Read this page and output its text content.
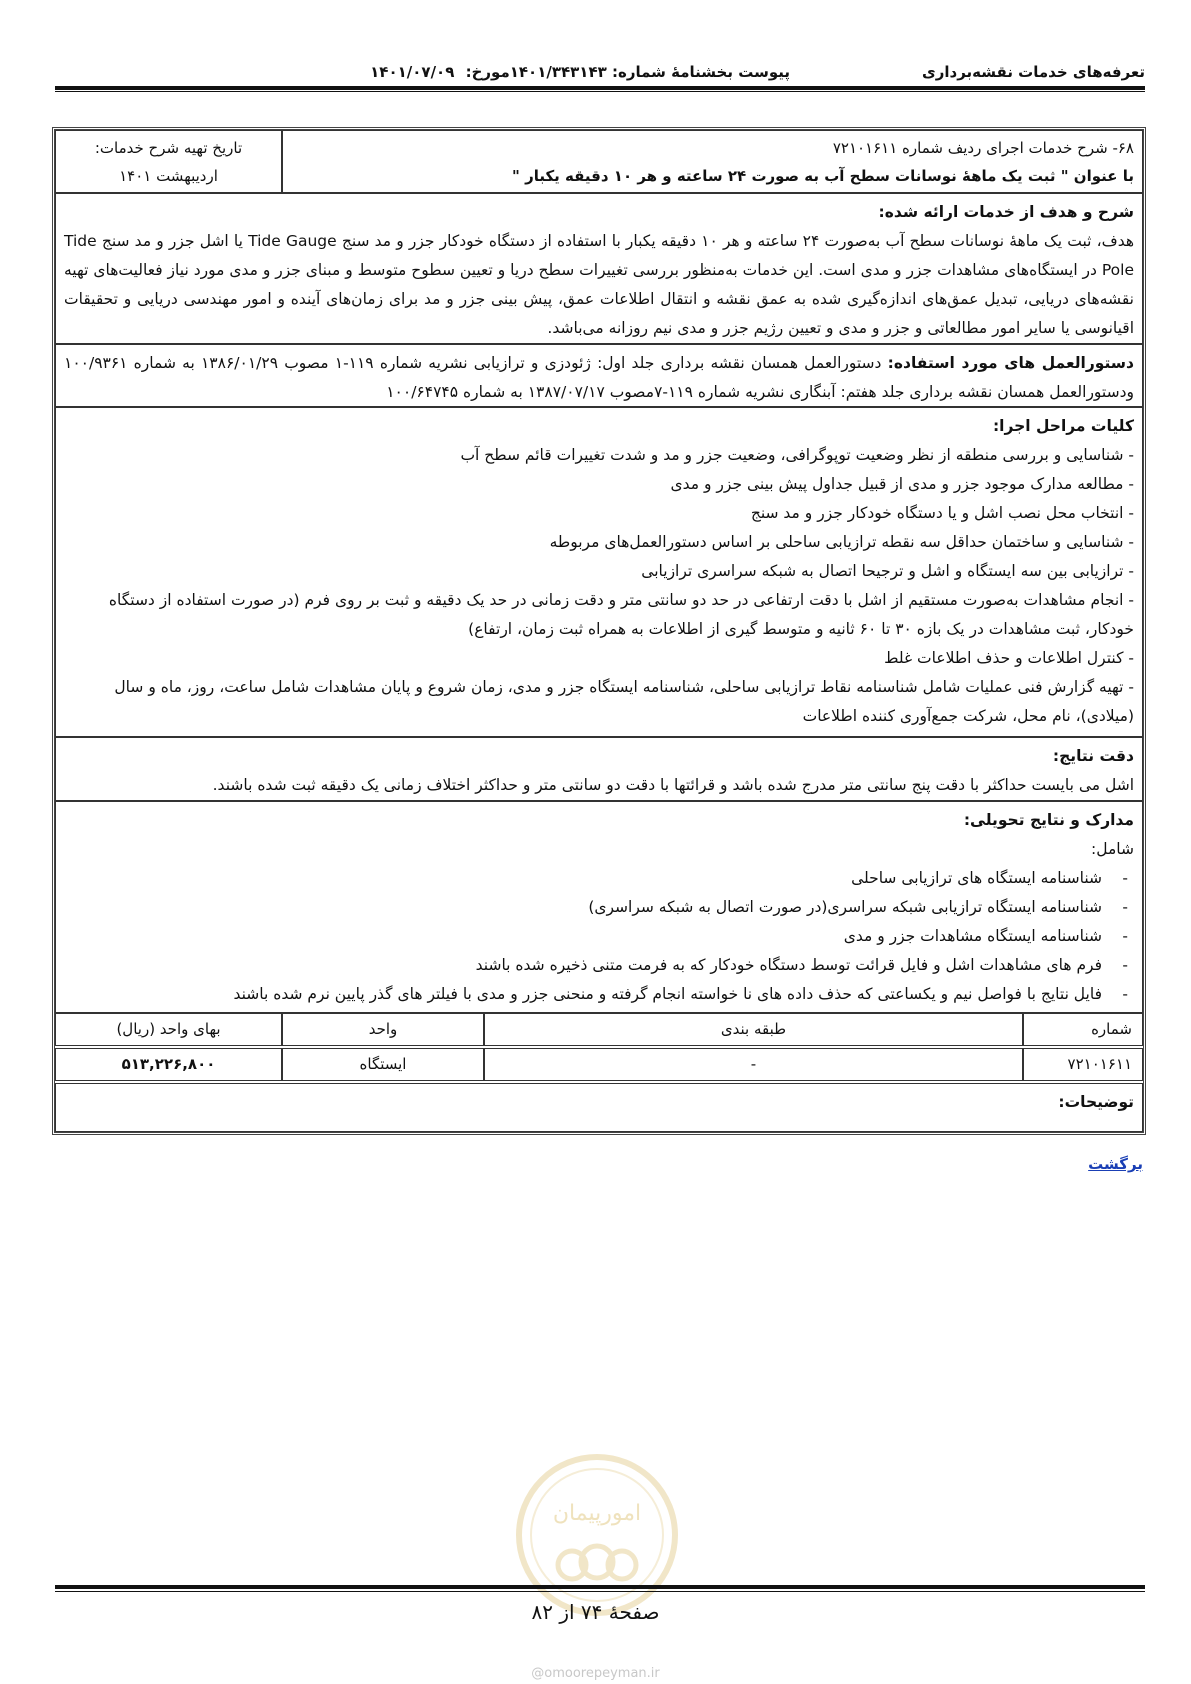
تعرفه‌های خدمات نقشه‌برداری
پیوست بخشنامهٔ شماره: ۱۴۰۱/۳۴۳۱۴۳مورخ: ۱۴۰۱/۰۷/۰۹
۶۸- شرح خدمات اجرای ردیف شماره ۷۲۱۰۱۶۱۱
با عنوان " ثبت یک ماههٔ نوسانات سطح آب به صورت ۲۴ ساعته و هر ۱۰ دقیقه یکبار "
تاریخ تهیه شرح خدمات:
اردیبهشت ۱۴۰۱
شرح و هدف از خدمات ارائه شده:

هدف، ثبت یک ماههٔ نوسانات سطح آب به‌صورت ۲۴ ساعته و هر ۱۰ دقیقه یکبار با استفاده از دستگاه خودکار جزر و مد سنج Tide Gauge یا اشل جزر و مد سنج Tide Pole در ایستگاه‌های مشاهدات جزر و مدی است. این خدمات به‌منظور بررسی تغییرات سطح دریا و تعیین سطوح متوسط و مبنای جزر و مدی مورد نیاز فعالیت‌های تهیه نقشه‌های دریایی، تبدیل عمق‌های اندازه‌گیری شده به عمق نقشه و انتقال اطلاعات عمق، پیش بینی جزر و مد برای زمان‌های آینده و امور مهندسی دریایی و تحقیقات اقیانوسی یا سایر امور مطالعاتی و جزر و مدی و تعیین رژیم جزر و مدی نیم روزانه می‌باشد.

دستورالعمل های مورد استفاده: دستورالعمل همسان نقشه برداری جلد اول: ژئودزی و ترازیابی نشریه شماره ۱۱۹-۱ مصوب ۱۳۸۶/۰۱/۲۹ به شماره ۱۰۰/۹۳۶۱ ودستورالعمل همسان نقشه برداری جلد هفتم: آبنگاری نشریه شماره ۱۱۹-۷مصوب ۱۳۸۷/۰۷/۱۷ به شماره ۱۰۰/۶۴۷۴۵

کلیات مراحل اجرا:
- شناسایی و بررسی منطقه از نظر وضعیت توپوگرافی، وضعیت جزر و مد و شدت تغییرات قائم سطح آب
- مطالعه مدارک موجود جزر و مدی از قبیل جداول پیش بینی جزر و مدی
- انتخاب محل نصب اشل و یا دستگاه خودکار جزر و مد سنج
- شناسایی و ساختمان حداقل سه نقطه ترازیابی ساحلی بر اساس دستورالعمل‌های مربوطه
- ترازیابی بین سه ایستگاه و اشل و ترجیحا اتصال به شبکه سراسری ترازیابی
- انجام مشاهدات به‌صورت مستقیم از اشل با دقت ارتفاعی در حد دو سانتی متر و دقت زمانی در حد یک دقیقه و ثبت بر روی فرم (در صورت استفاده از دستگاه خودکار، ثبت مشاهدات در یک بازه ۳۰ تا ۶۰ ثانیه و متوسط گیری از اطلاعات به همراه ثبت زمان، ارتفاع)
- کنترل اطلاعات و حذف اطلاعات غلط
- تهیه گزارش فنی عملیات شامل شناسنامه نقاط ترازیابی ساحلی، شناسنامه ایستگاه جزر و مدی، زمان شروع و پایان مشاهدات شامل ساعت، روز، ماه و سال (میلادی)، نام محل، شرکت جمع‌آوری کننده اطلاعات
دقت نتایج:

اشل می بایست حداکثر با دقت پنج سانتی متر مدرج شده باشد و قرائتها با دقت دو سانتی متر و حداکثر اختلاف زمانی یک دقیقه ثبت شده باشند.

مدارک و نتایج تحویلی:
شامل:
-
شناسنامه ایستگاه های ترازیابی ساحلی
-
شناسنامه ایستگاه ترازیابی شبکه سراسری(در صورت اتصال به شبکه سراسری)
-
شناسنامه ایستگاه مشاهدات جزر و مدی
-
فرم های مشاهدات اشل و فایل قرائت توسط دستگاه خودکار که به فرمت متنی ذخیره شده باشند
-
فایل نتایج با فواصل نیم و یکساعتی که حذف داده های نا خواسته انجام گرفته و منحنی جزر و مدی با فیلتر های گذر پایین نرم شده باشند
شماره
طبقه بندی
واحد
بهای واحد (ریال)
۷۲۱۰۱۶۱۱
-
ایستگاه
۵۱۳,۲۲۶,۸۰۰
توضیحات:
برگشت
امورپیمان
صفحهٔ ۷۴ از ۸۲
@omoorepeyman.ir
